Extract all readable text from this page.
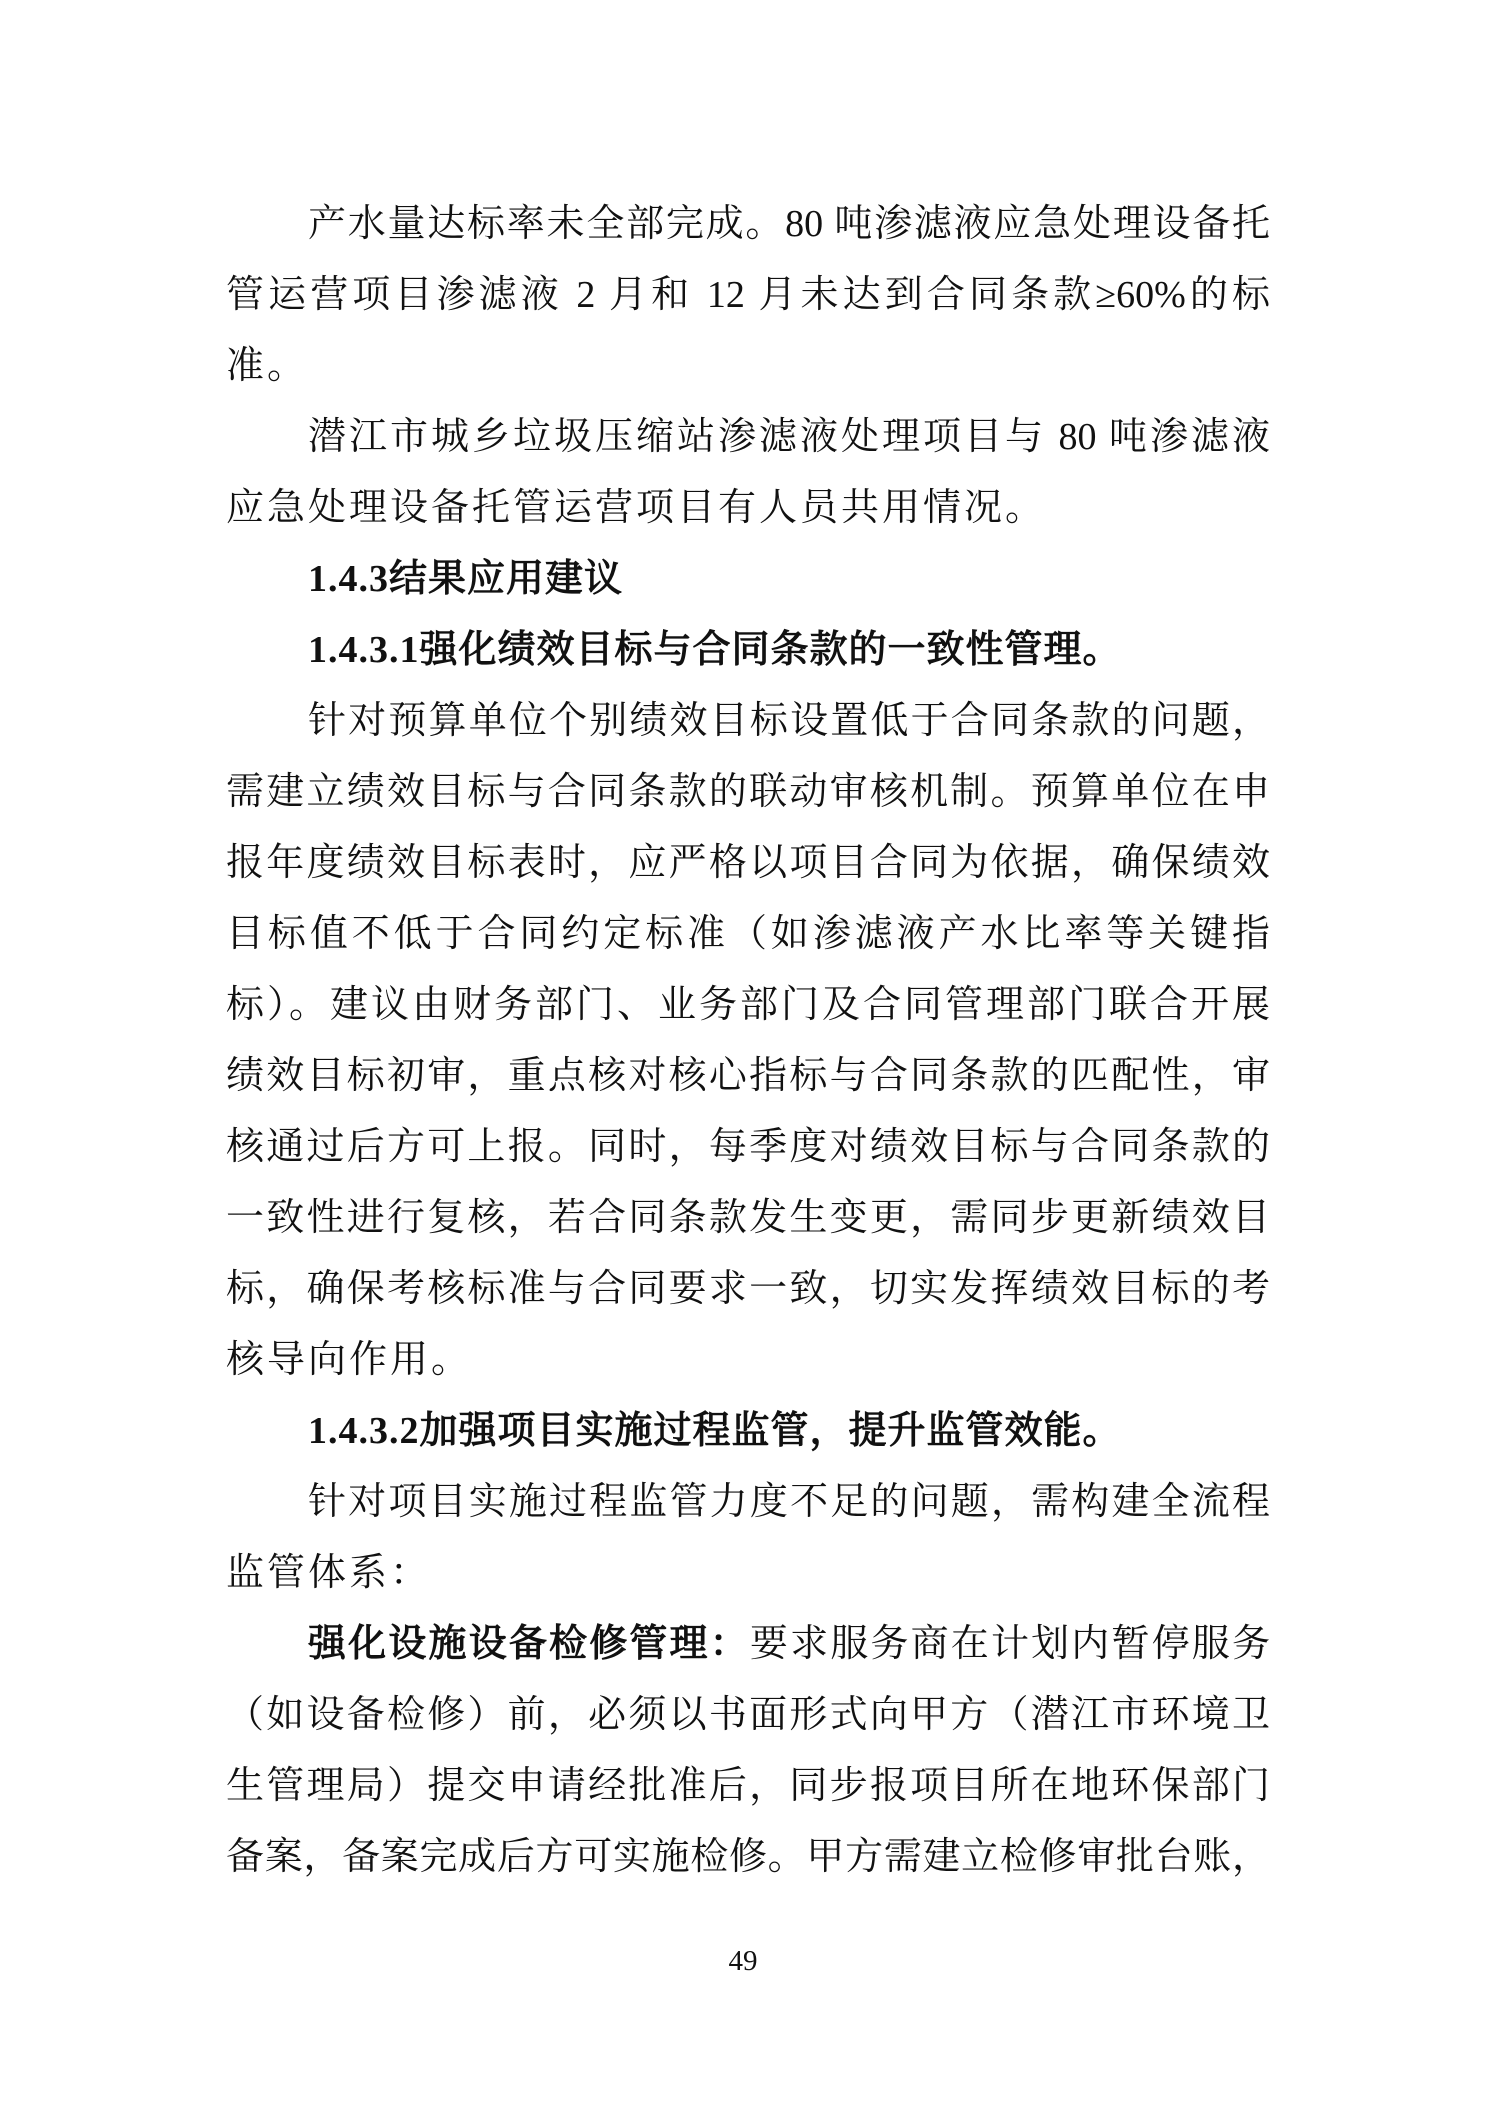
产水量达标率未全部完成。80 吨渗滤液应急处理设备托
管运营项目渗滤液 2 月和 12 月未达到合同条款≥60%的标
准。
潜江市城乡垃圾压缩站渗滤液处理项目与 80 吨渗滤液
应急处理设备托管运营项目有人员共用情况。
1.4.3结果应用建议
1.4.3.1强化绩效目标与合同条款的一致性管理。
针对预算单位个别绩效目标设置低于合同条款的问题，
需建立绩效目标与合同条款的联动审核机制。预算单位在申
报年度绩效目标表时，应严格以项目合同为依据，确保绩效
目标值不低于合同约定标准（如渗滤液产水比率等关键指
标）。建议由财务部门、业务部门及合同管理部门联合开展
绩效目标初审，重点核对核心指标与合同条款的匹配性，审
核通过后方可上报。同时，每季度对绩效目标与合同条款的
一致性进行复核，若合同条款发生变更，需同步更新绩效目
标，确保考核标准与合同要求一致，切实发挥绩效目标的考
核导向作用。
1.4.3.2加强项目实施过程监管，提升监管效能。
针对项目实施过程监管力度不足的问题，需构建全流程
监管体系：
强化设施设备检修管理：要求服务商在计划内暂停服务
（如设备检修）前，必须以书面形式向甲方（潜江市环境卫
生管理局）提交申请经批准后，同步报项目所在地环保部门
备案，备案完成后方可实施检修。甲方需建立检修审批台账，
49
